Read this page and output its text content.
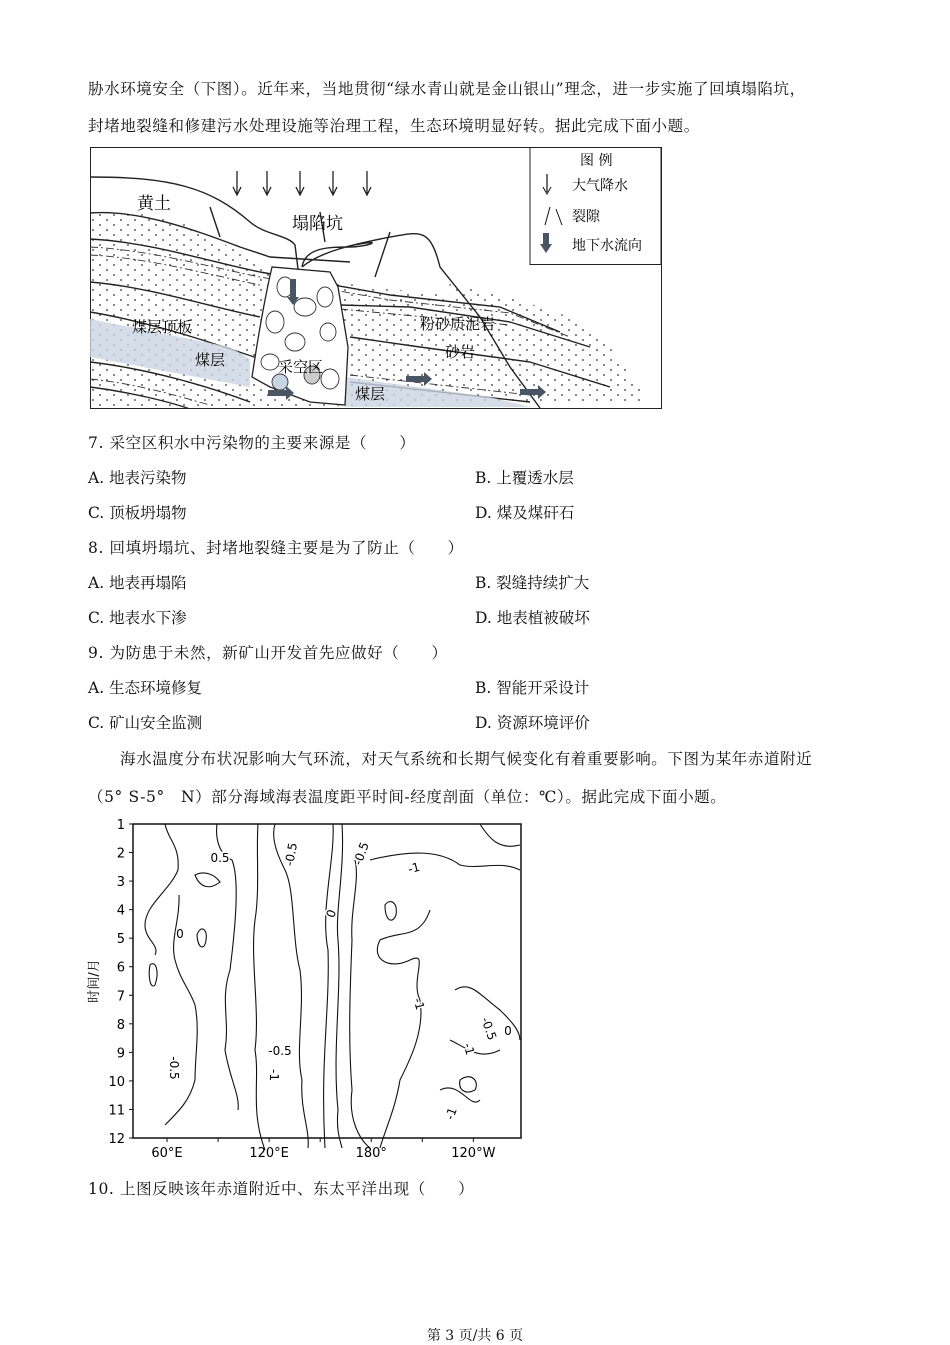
胁水环境安全（下图）。近年来，当地贯彻“绿水青山就是金山银山”理念，进一步实施了回填塌陷坑，
封堵地裂缝和修建污水处理设施等治理工程，生态环境明显好转。据此完成下面小题。
黄土
塌陷坑
粉砂质泥岩
砂岩
煤层顶板
煤层
煤层
采空区
图 例
大气降水
裂隙
地下水流向
7. 采空区积水中污染物的主要来源是（　　）
A. 地表污染物	B. 上覆透水层
C. 顶板坍塌物	D. 煤及煤矸石
8. 回填坍塌坑、封堵地裂缝主要是为了防止（　　）
A. 地表再塌陷	B. 裂缝持续扩大
C. 地表水下渗	D. 地表植被破坏
9. 为防患于未然，新矿山开发首先应做好（　　）
A. 生态环境修复	B. 智能开采设计
C. 矿山安全监测	D. 资源环境评价
海水温度分布状况影响大气环流，对天气系统和长期气候变化有着重要影响。下图为某年赤道附近
（5° S-5°　N）部分海域海表温度距平时间-经度剖面（单位：℃）。据此完成下面小题。
1
2
3
4
5
6
7
8
9
10
11
12
60°E	120°E	180°	120°W
0.5	-0.5	-0.5
-1
0
0
-1
-0.5 0
-1
-0.5	-1
-0.5
-1
时间/月
10. 上图反映该年赤道附近中、东太平洋出现（　　）
第 3 页/共 6 页
